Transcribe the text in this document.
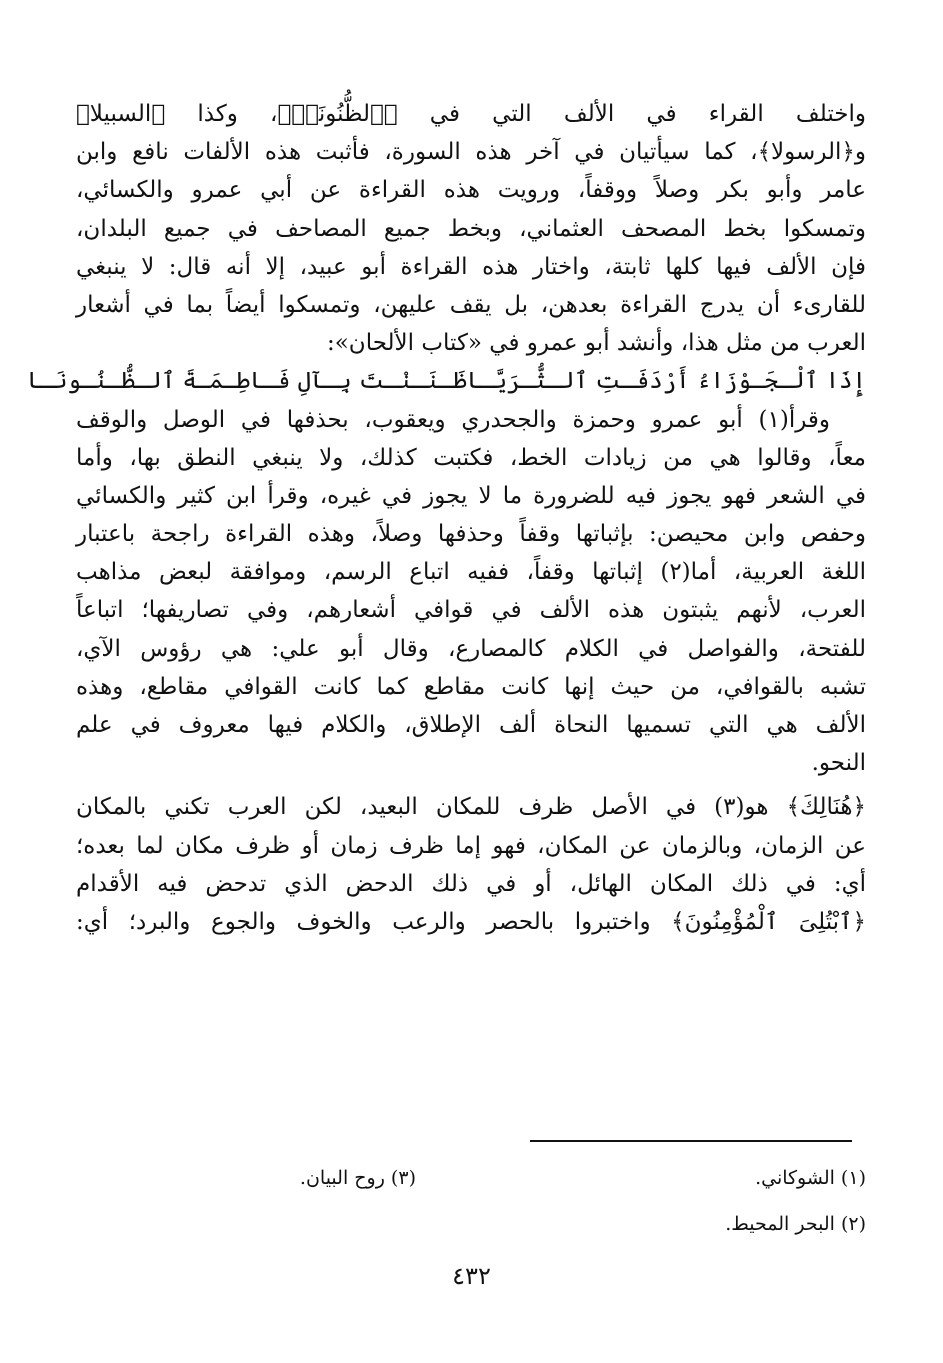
واختلف القراء في الألف التي في ﴿ٱلظُّنُونَا۠﴾، وكذا ﴿السبيلا﴾
و﴿الرسولا﴾، كما سيأتيان في آخر هذه السورة، فأثبت هذه الألفات نافع وابن
عامر وأبو بكر وصلاً ووقفاً، ورويت هذه القراءة عن أبي عمرو والكسائي،
وتمسكوا بخط المصحف العثماني، وبخط جميع المصاحف في جميع البلدان،
فإن الألف فيها كلها ثابتة، واختار هذه القراءة أبو عبيد، إلا أنه قال: لا ينبغي
للقارىء أن يدرج القراءة بعدهن، بل يقف عليهن، وتمسكوا أيضاً بما في أشعار
العرب من مثل هذا، وأنشد أبو عمرو في «كتاب الألحان»:
إِذَا ٱلْـجَـوْزَاءُ أَرْدَفَـتِ ٱلـثُّـرَيَّـا
ظَـنَـنْـتَ بِـآلِ فَـاطِـمَـةَ ٱلـظُّـنُـونَـا
وقرأ(١) أبو عمرو وحمزة والجحدري ويعقوب، بحذفها في الوصل والوقف
معاً، وقالوا هي من زيادات الخط، فكتبت كذلك، ولا ينبغي النطق بها، وأما
في الشعر فهو يجوز فيه للضرورة ما لا يجوز في غيره، وقرأ ابن كثير والكسائي
وحفص وابن محيصن: بإثباتها وقفاً وحذفها وصلاً، وهذه القراءة راجحة باعتبار
اللغة العربية، أما(٢) إثباتها وقفاً، ففيه اتباع الرسم، وموافقة لبعض مذاهب
العرب، لأنهم يثبتون هذه الألف في قوافي أشعارهم، وفي تصاريفها؛ اتباعاً
للفتحة، والفواصل في الكلام كالمصارع، وقال أبو علي: هي رؤوس الآي،
تشبه بالقوافي، من حيث إنها كانت مقاطع كما كانت القوافي مقاطع، وهذه
الألف هي التي تسميها النحاة ألف الإطلاق، والكلام فيها معروف في علم
النحو.
﴿هُنَالِكَ﴾ هو(٣) في الأصل ظرف للمكان البعيد، لكن العرب تكني بالمكان
عن الزمان، وبالزمان عن المكان، فهو إما ظرف زمان أو ظرف مكان لما بعده؛
أي: في ذلك المكان الهائل، أو في ذلك الدحض الذي تدحض فيه الأقدام
﴿ٱبْتُلِىَ ٱلْمُؤْمِنُونَ﴾ واختبروا بالحصر والرعب والخوف والجوع والبرد؛ أي:
(١) الشوكاني.
(٣) روح البيان.
(٢) البحر المحيط.
٤٣٢
